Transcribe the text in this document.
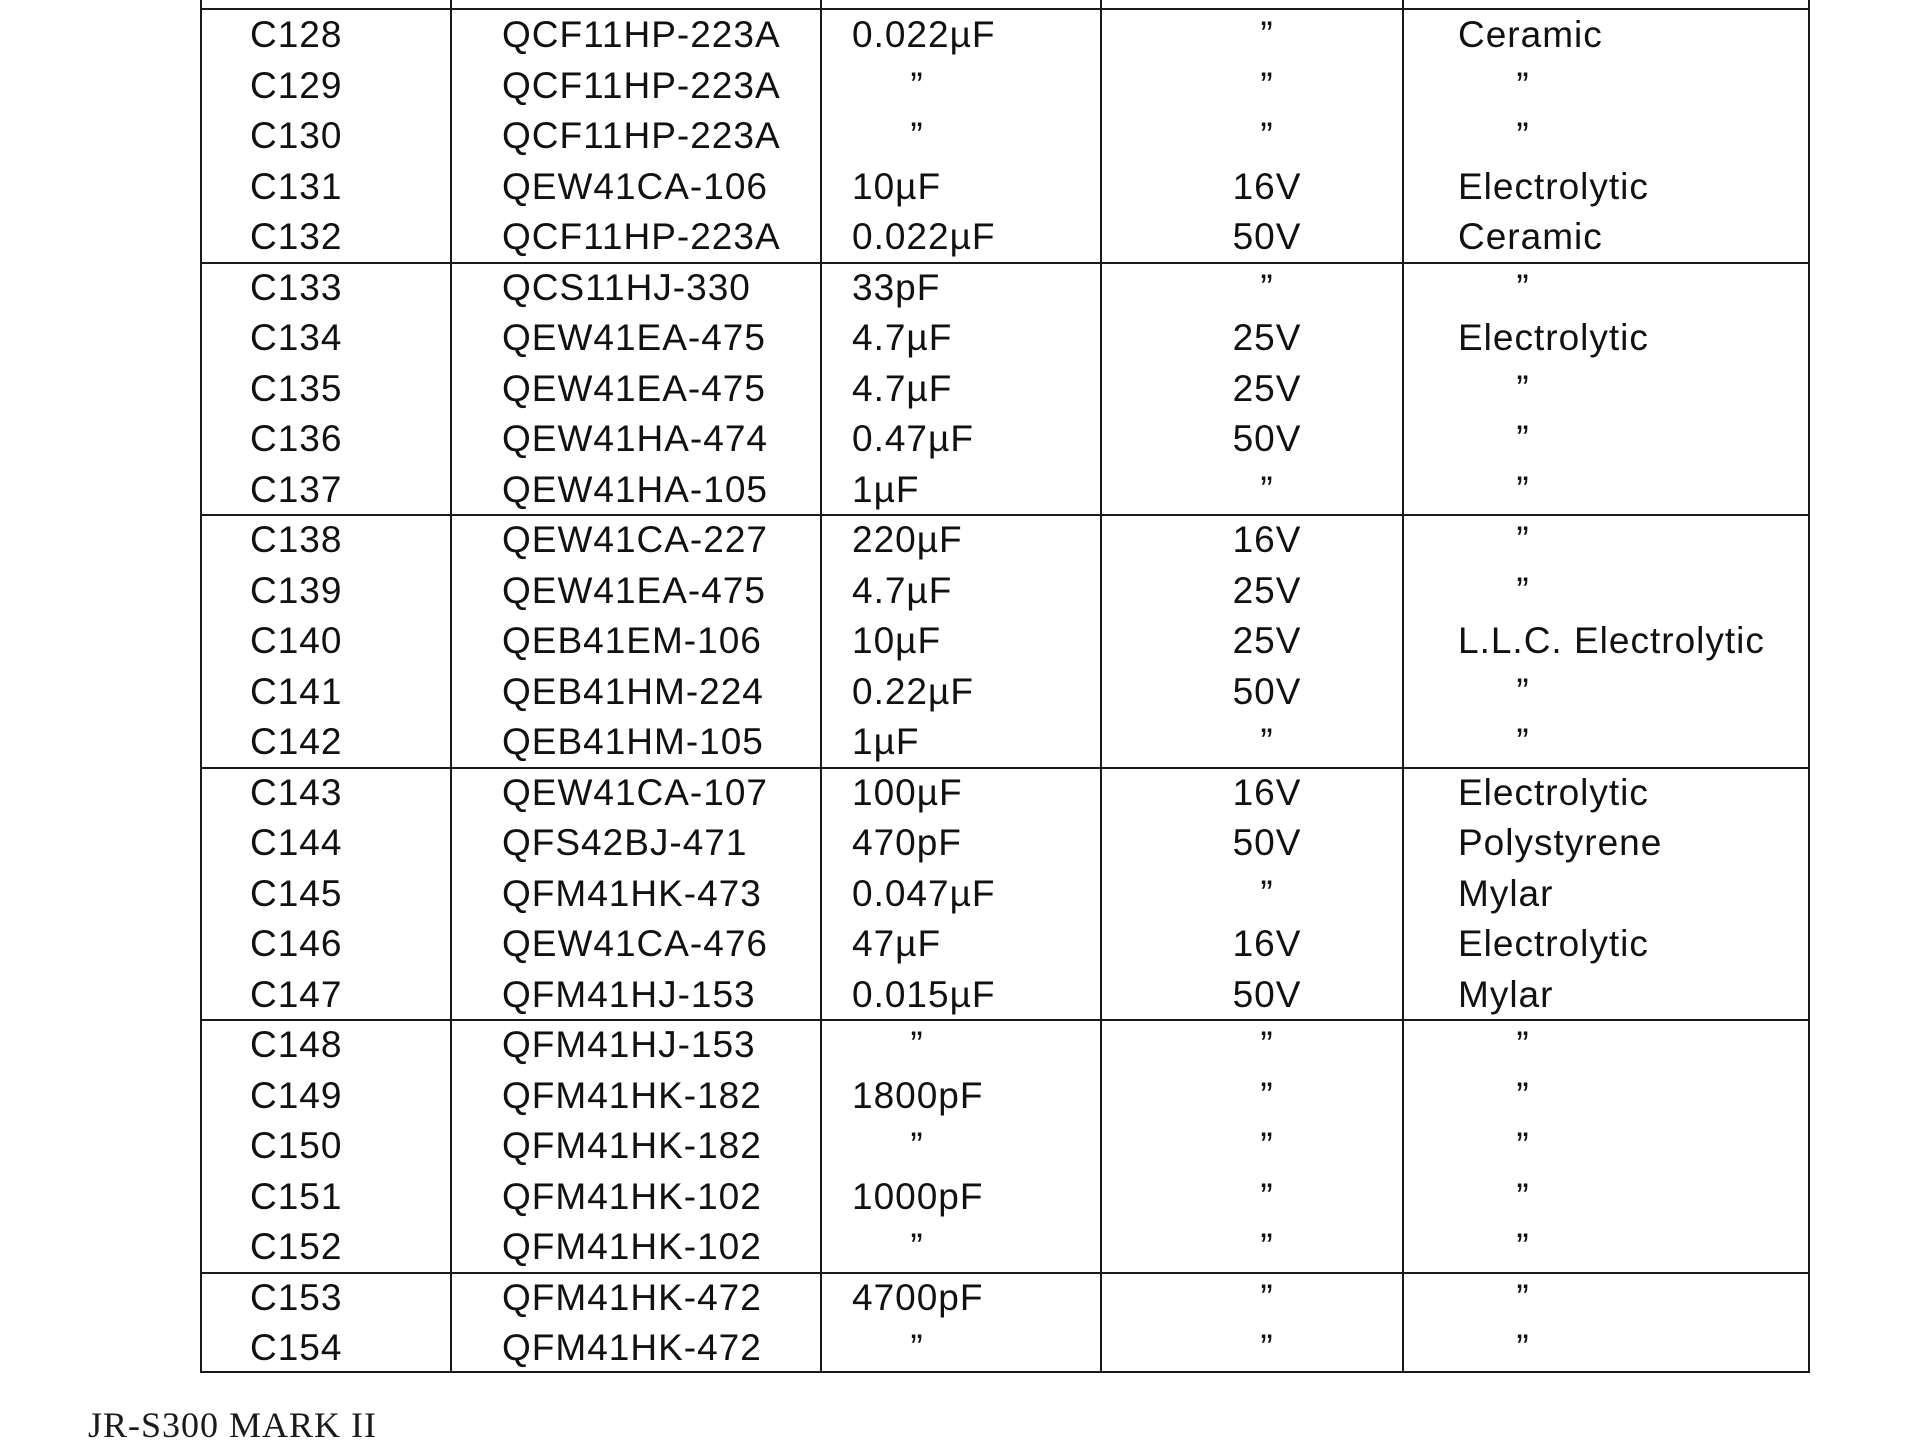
C128	QCF11HP-223A 0.022µF	”	Ceramic
C129	QCF11HP-223A	”	”	”
C130	QCF11HP-223A	”	”	”
C131	QEW41CA-106 10µF	16V	Electrolytic
C132	QCF11HP-223A 0.022µF	50V	Ceramic
C133	QCS11HJ-330	33pF	”	”
C134	QEW41EA-475 4.7µF	25V	Electrolytic
C135	QEW41EA-475 4.7µF	25V	”
C136	QEW41HA-474 0.47µF	50V	”
C137	QEW41HA-105 1µF	”	”
C138	QEW41CA-227 220µF	16V	”
C139	QEW41EA-475 4.7µF	25V	”
C140	QEB41EM-106 10µF	25V	L.L.C. Electrolytic
C141	QEB41HM-224 0.22µF	50V	”
C142	QEB41HM-105 1µF	”	”
C143	QEW41CA-107 100µF	16V	Electrolytic
C144	QFS42BJ-471	470pF	50V	Polystyrene
C145	QFM41HK-473 0.047µF	”	Mylar
C146	QEW41CA-476 47µF	16V	Electrolytic
C147	QFM41HJ-153	0.015µF	50V	Mylar
C148	QFM41HJ-153	”	”	”
C149	QFM41HK-182 1800pF	”	”
C150	QFM41HK-182	”	”	”
C151	QFM41HK-102 1000pF	”	”
C152	QFM41HK-102	”	”	”
C153	QFM41HK-472 4700pF	”	”
C154	QFM41HK-472	”	”	”
JR-S300 MARK II
